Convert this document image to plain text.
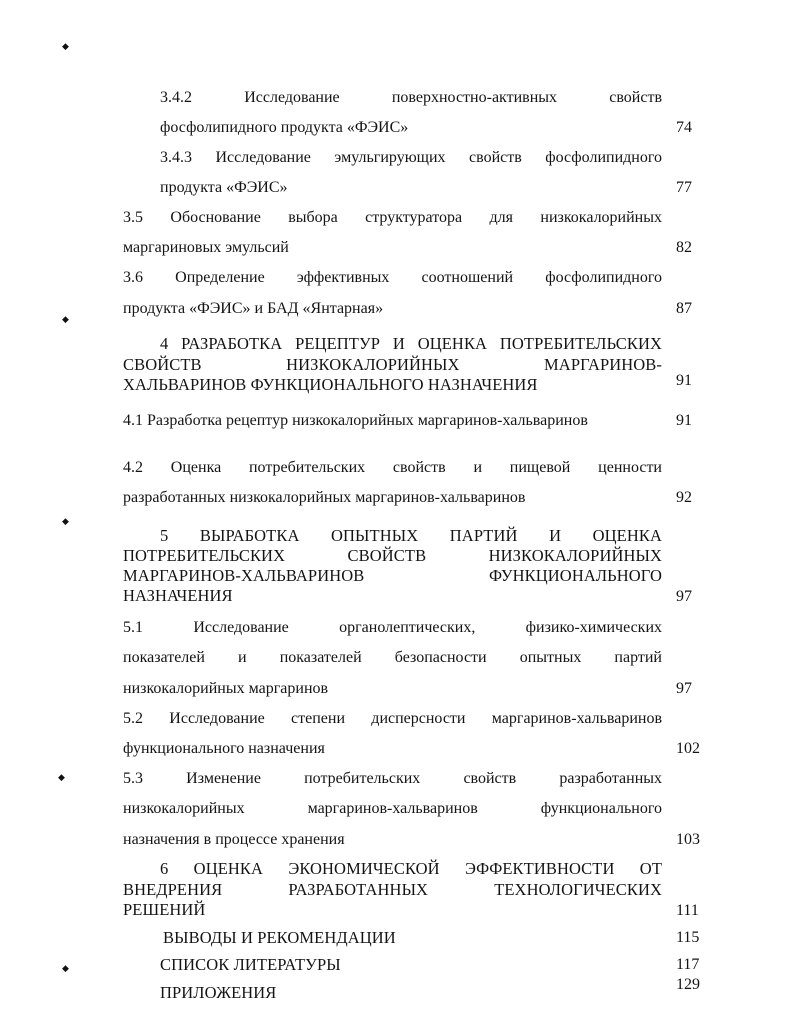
◆
◆
◆
◆
◆
3.4.2 Исследование поверхностно-активных свойств
фосфолипидного продукта «ФЭИС»	74
3.4.3 Исследование эмульгирующих свойств фосфолипидного
продукта «ФЭИС»	77
3.5 Обоснование выбора структуратора для низкокалорийных
маргариновых эмульсий	82
3.6 Определение эффективных соотношений фосфолипидного
продукта «ФЭИС» и БАД «Янтарная»	87
4 РАЗРАБОТКА РЕЦЕПТУР И ОЦЕНКА ПОТРЕБИТЕЛЬСКИХ
СВОЙСТВ НИЗКОКАЛОРИЙНЫХ МАРГАРИНОВ-
ХАЛЬВАРИНОВ ФУНКЦИОНАЛЬНОГО НАЗНАЧЕНИЯ	91
4.1 Разработка рецептур низкокалорийных маргаринов-хальваринов	91
4.2 Оценка потребительских свойств и пищевой ценности
разработанных низкокалорийных маргаринов-хальваринов	92
5 ВЫРАБОТКА ОПЫТНЫХ ПАРТИЙ И ОЦЕНКА
ПОТРЕБИТЕЛЬСКИХ СВОЙСТВ НИЗКОКАЛОРИЙНЫХ
МАРГАРИНОВ-ХАЛЬВАРИНОВ ФУНКЦИОНАЛЬНОГО
НАЗНАЧЕНИЯ	97
5.1 Исследование органолептических, физико-химических
показателей и показателей безопасности опытных партий
низкокалорийных маргаринов	97
5.2 Исследование степени дисперсности маргаринов-хальваринов
функционального назначения	102
5.3 Изменение потребительских свойств разработанных
низкокалорийных маргаринов-хальваринов функционального
назначения в процессе хранения	103
6 ОЦЕНКА ЭКОНОМИЧЕСКОЙ ЭФФЕКТИВНОСТИ ОТ
ВНЕДРЕНИЯ РАЗРАБОТАННЫХ ТЕХНОЛОГИЧЕСКИХ
РЕШЕНИЙ	111
ВЫВОДЫ И РЕКОМЕНДАЦИИ	115
СПИСОК ЛИТЕРАТУРЫ	117
ПРИЛОЖЕНИЯ	129
